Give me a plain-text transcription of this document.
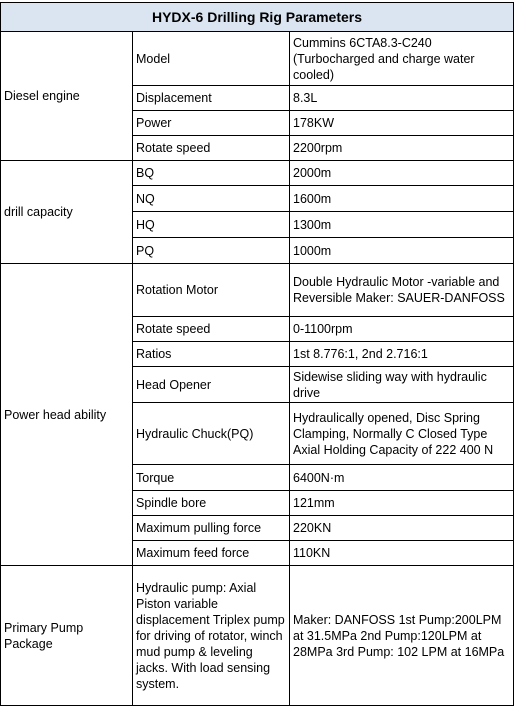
HYDX-6 Drilling Rig Parameters		
Diesel engine	Model	Cummins 6CTA8.3-C240 (Turbocharged and charge water cooled)
	Displacement	8.3L
	Power	178KW
	Rotate speed	2200rpm
drill capacity	BQ	2000m
	NQ	1600m
	HQ	1300m
	PQ	1000m
Power head ability	Rotation Motor	Double Hydraulic Motor -variable and Reversible Maker: SAUER-DANFOSS
	Rotate speed	0-1100rpm
	Ratios	1st 8.776:1, 2nd 2.716:1
	Head Opener	Sidewise sliding way with hydraulic drive
	Hydraulic Chuck(PQ)	Hydraulically opened, Disc Spring Clamping, Normally C Closed Type Axial Holding Capacity of 222 400 N
	Torque	6400N·m
	Spindle bore	121mm
	Maximum pulling force	220KN
	Maximum feed force	110KN
Primary Pump Package	Hydraulic pump: Axial Piston variable displacement Triplex pump for driving of rotator, winch mud pump & leveling jacks. With load sensing system.	Maker: DANFOSS 1st Pump:200LPM at 31.5MPa 2nd Pump:120LPM at 28MPa 3rd Pump: 102 LPM at 16MPa
